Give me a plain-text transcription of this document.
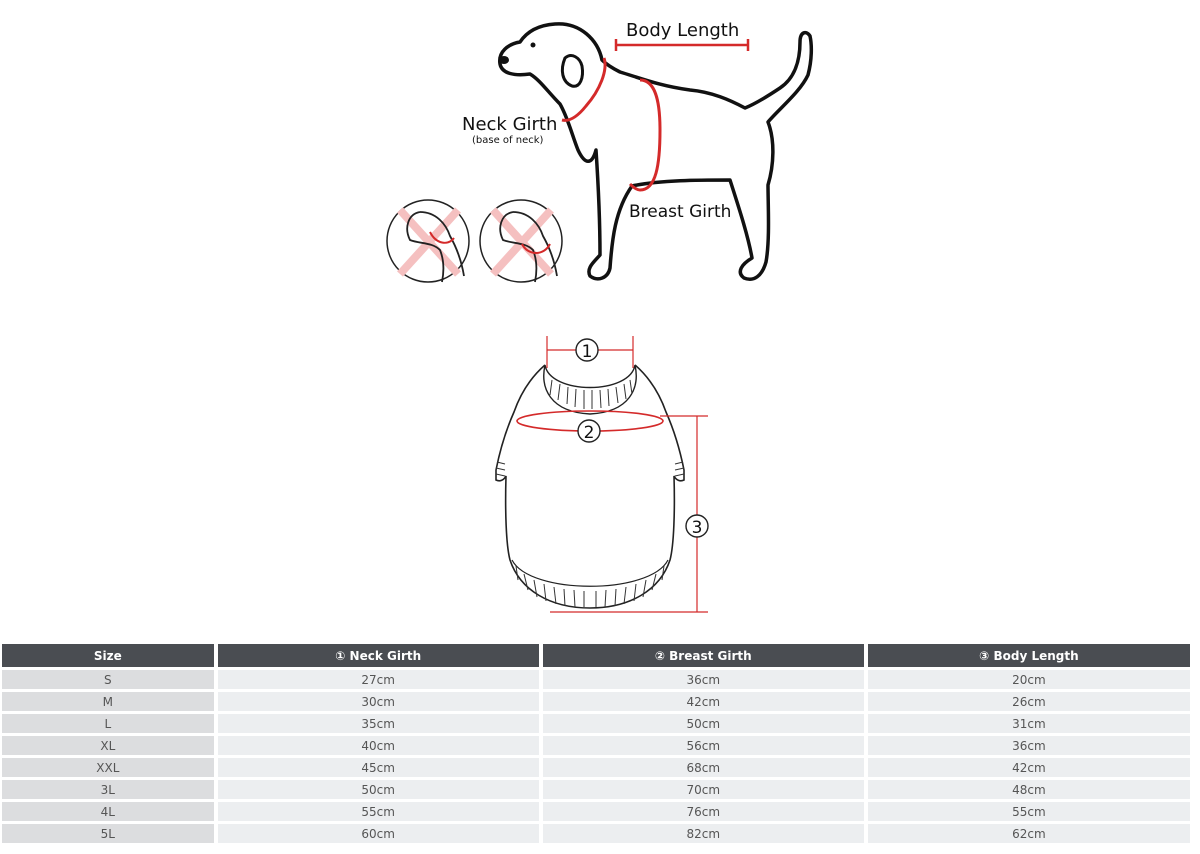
Body Length
Neck Girth
(base of neck)
Breast Girth
1
2
3
Size	① Neck Girth	② Breast Girth	③ Body Length
S	27cm	36cm	20cm
M	30cm	42cm	26cm
L	35cm	50cm	31cm
XL	40cm	56cm	36cm
XXL	45cm	68cm	42cm
3L	50cm	70cm	48cm
4L	55cm	76cm	55cm
5L	60cm	82cm	62cm
